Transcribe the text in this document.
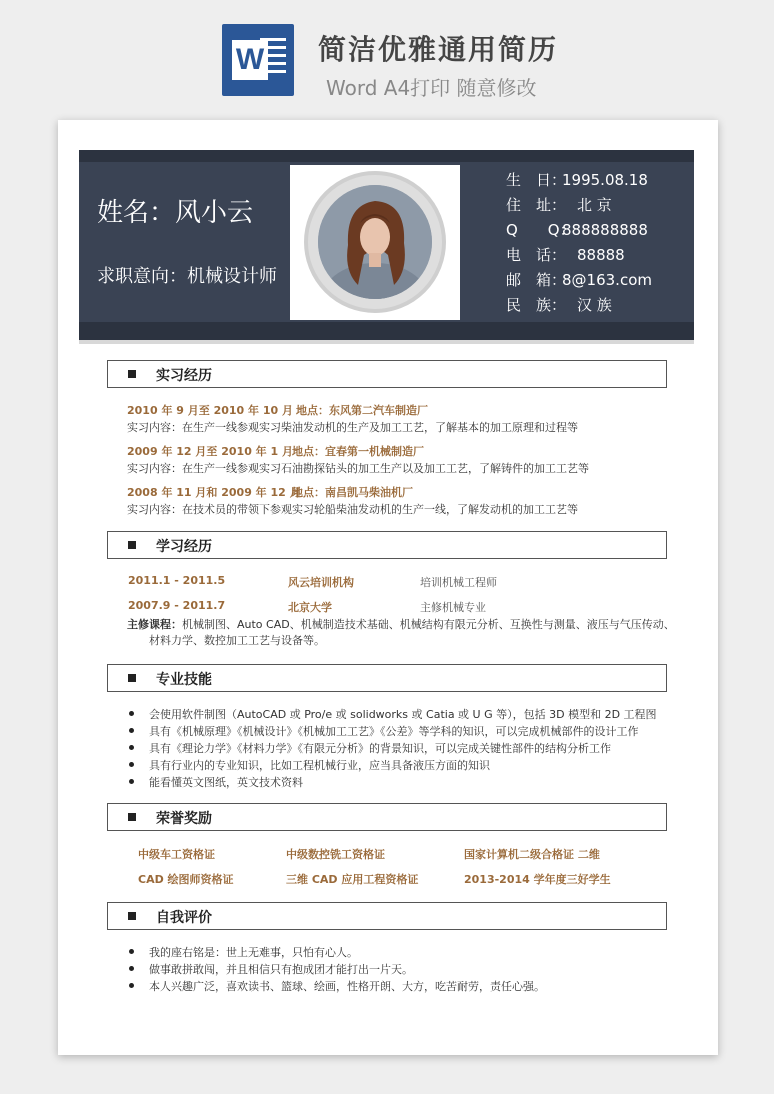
W 简洁优雅通用简历
Word A4打印 随意修改
姓名：风小云
求职意向：机械设计师
生　日：1995.08.18
住　址：　北 京
Q　　Q：888888888
电　话：　88888
邮　箱：8@163.com
民　族：　汉 族
实习经历
2010 年 9 月至 2010 年 10 月 地点：东风第二汽车制造厂
实习内容：在生产一线参观实习柴油发动机的生产及加工工艺，了解基本的加工原理和过程等
2009 年 12 月至 2010 年 1 月 地点：宜春第一机械制造厂
实习内容：在生产一线参观实习石油勘探钻头的加工生产以及加工工艺，了解铸件的加工工艺等
2008 年 11 月和 2009 年 12 月
地点：南昌凯马柴油机厂
实习内容：在技术员的带领下参观实习轮船柴油发动机的生产一线，了解发动机的加工工艺等
学习经历
2011.1 - 2011.5	风云培训机构	培训机械工程师
2007.9 - 2011.7	北京大学	主修机械专业
主修课程：机械制图、Auto CAD、机械制造技术基础、机械结构有限元分析、互换性与测量、液压与气压传动、
材料力学、数控加工工艺与设备等。
专业技能
会使用软件制图（AutoCAD 或 Pro/e 或 solidworks 或 Catia 或 U G 等），包括 3D 模型和 2D 工程图
具有《机械原理》《机械设计》《机械加工工艺》《公差》等学科的知识，可以完成机械部件的设计工作
具有《理论力学》《材料力学》《有限元分析》的背景知识，可以完成关键性部件的结构分析工作
具有行业内的专业知识，比如工程机械行业，应当具备液压方面的知识
能看懂英文图纸，英文技术资料
荣誉奖励
中级车工资格证	中级数控铣工资格证	国家计算机二级合格证 二维
CAD 绘图师资格证	三维 CAD 应用工程资格证	2013-2014 学年度三好学生
自我评价
我的座右铭是：世上无难事，只怕有心人。
做事敢拼敢闯，并且相信只有抱成团才能打出一片天。
本人兴趣广泛，喜欢读书、篮球、绘画，性格开朗、大方，吃苦耐劳，责任心强。
